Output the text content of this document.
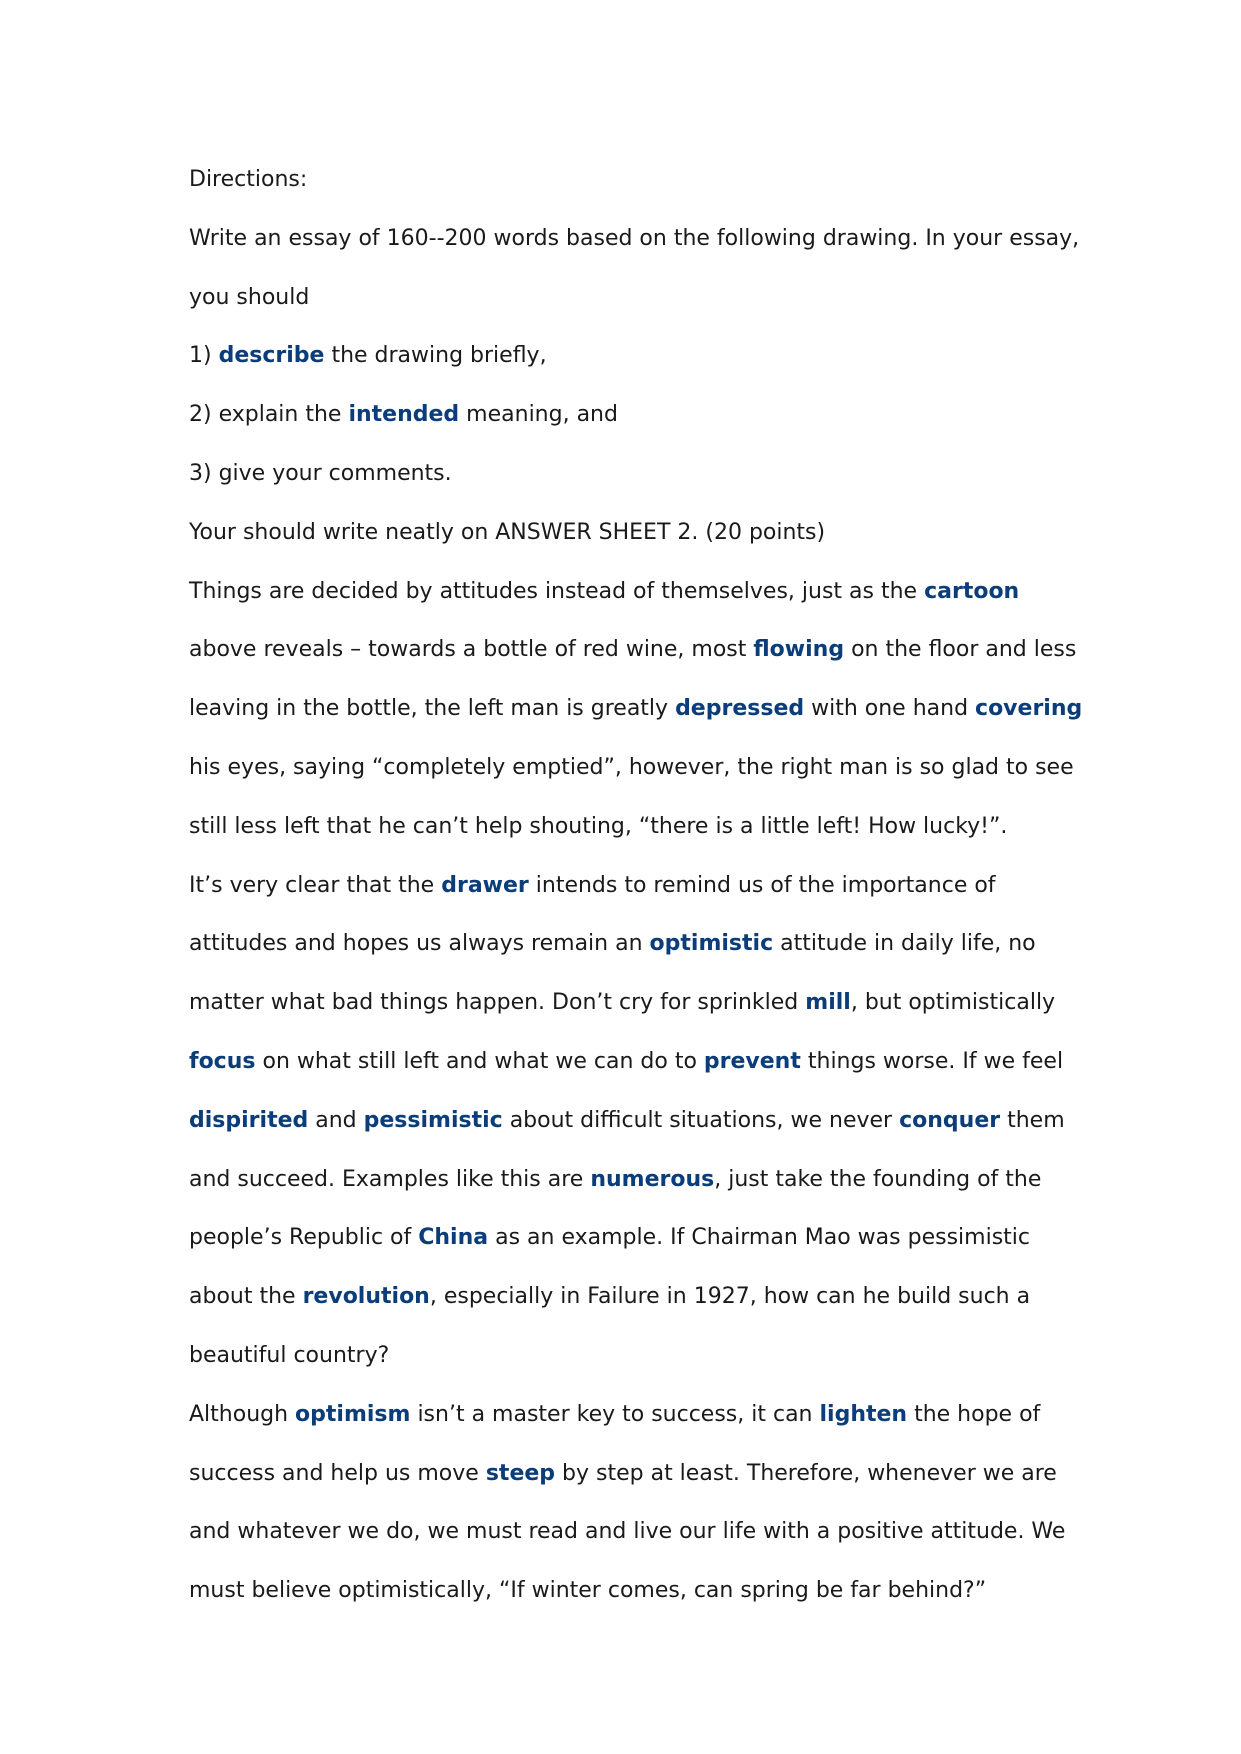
Directions:
Write an essay of 160--200 words based on the following drawing. In your essay,
you should
1) describe the drawing briefly,
2) explain the intended meaning, and
3) give your comments.
Your should write neatly on ANSWER SHEET 2. (20 points)
Things are decided by attitudes instead of themselves, just as the cartoon
above reveals – towards a bottle of red wine, most flowing on the floor and less
leaving in the bottle, the left man is greatly depressed with one hand covering
his eyes, saying “completely emptied”, however, the right man is so glad to see
still less left that he can’t help shouting, “there is a little left! How lucky!”.
It’s very clear that the drawer intends to remind us of the importance of
attitudes and hopes us always remain an optimistic attitude in daily life, no
matter what bad things happen. Don’t cry for sprinkled mill, but optimistically
focus on what still left and what we can do to prevent things worse. If we feel
dispirited and pessimistic about difficult situations, we never conquer them
and succeed. Examples like this are numerous, just take the founding of the
people’s Republic of China as an example. If Chairman Mao was pessimistic
about the revolution, especially in Failure in 1927, how can he build such a
beautiful country?
Although optimism isn’t a master key to success, it can lighten the hope of
success and help us move steep by step at least. Therefore, whenever we are
and whatever we do, we must read and live our life with a positive attitude. We
must believe optimistically, “If winter comes, can spring be far behind?”
